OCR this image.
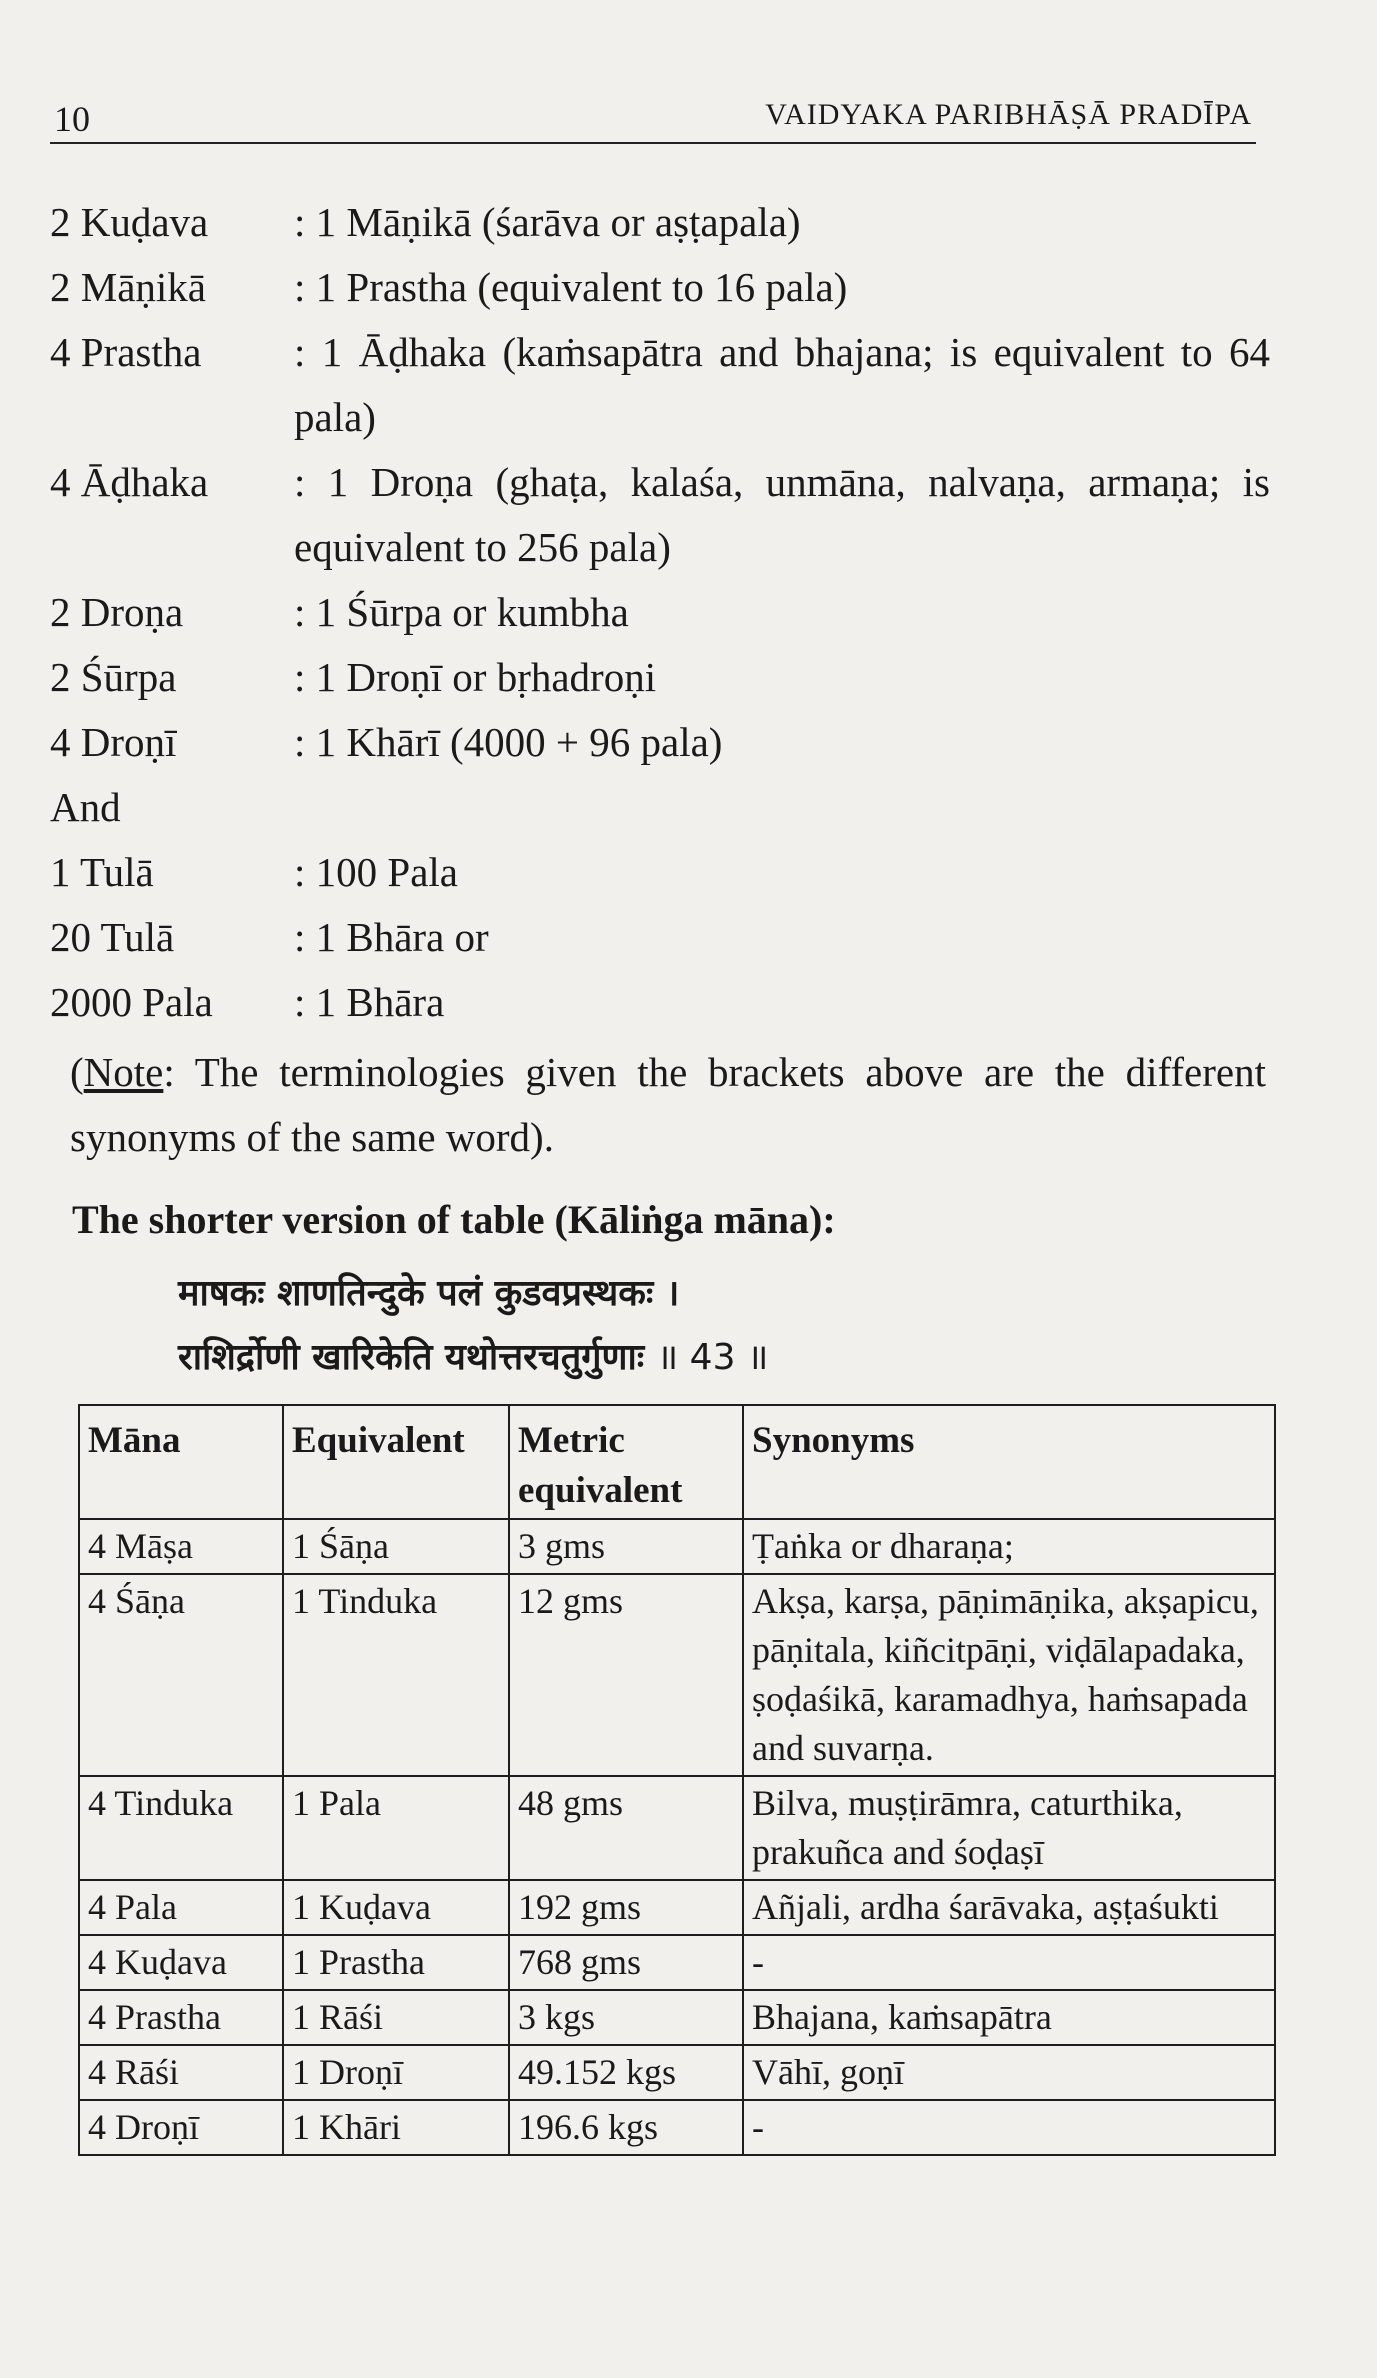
10	VAIDYAKA PARIBHĀṢĀ PRADĪPA
2 Kuḍava	: 1 Māṇikā (śarāva or aṣṭapala)
2 Māṇikā	: 1 Prastha (equivalent to 16 pala)
4 Prastha	: 1 Āḍhaka (kaṁsapātra and bhajana; is equivalent to 64 pala)
4 Āḍhaka	: 1 Droṇa (ghaṭa, kalaśa, unmāna, nalvaṇa, armaṇa; is equivalent to 256 pala)
2 Droṇa	: 1 Śūrpa or kumbha
2 Śūrpa	: 1 Droṇī or bṛhadroṇi
4 Droṇī	: 1 Khārī (4000 + 96 pala)
And
1 Tulā	: 100 Pala
20 Tulā	: 1 Bhāra or
2000 Pala	: 1 Bhāra

(Note: The terminologies given the brackets above are the different synonyms of the same word).

The shorter version of table (Kāliṅga māna):
माषकः शाणतिन्दुके पलं कुडवप्रस्थकः ।
राशिर्द्रोणी खारिकेति यथोत्तरचतुर्गुणाः ॥ 43 ॥
Māna	Equivalent	Metric equivalent	Synonyms
4 Māṣa	1 Śāṇa	3 gms	Ṭaṅka or dharaṇa;
4 Śāṇa	1 Tinduka	12 gms	Akṣa, karṣa, pāṇimāṇika, akṣapicu, pāṇitala, kiñcitpāṇi, viḍālapadaka, ṣoḍaśikā, karamadhya, haṁsapada and suvarṇa.
4 Tinduka	1 Pala	48 gms	Bilva, muṣṭirāmra, caturthika, prakuñca and śoḍaṣī
4 Pala	1 Kuḍava	192 gms	Añjali, ardha śarāvaka, aṣṭaśukti
4 Kuḍava	1 Prastha	768 gms	-
4 Prastha	1 Rāśi	3 kgs	Bhajana, kaṁsapātra
4 Rāśi	1 Droṇī	49.152 kgs	Vāhī, goṇī
4 Droṇī	1 Khāri	196.6 kgs	-
